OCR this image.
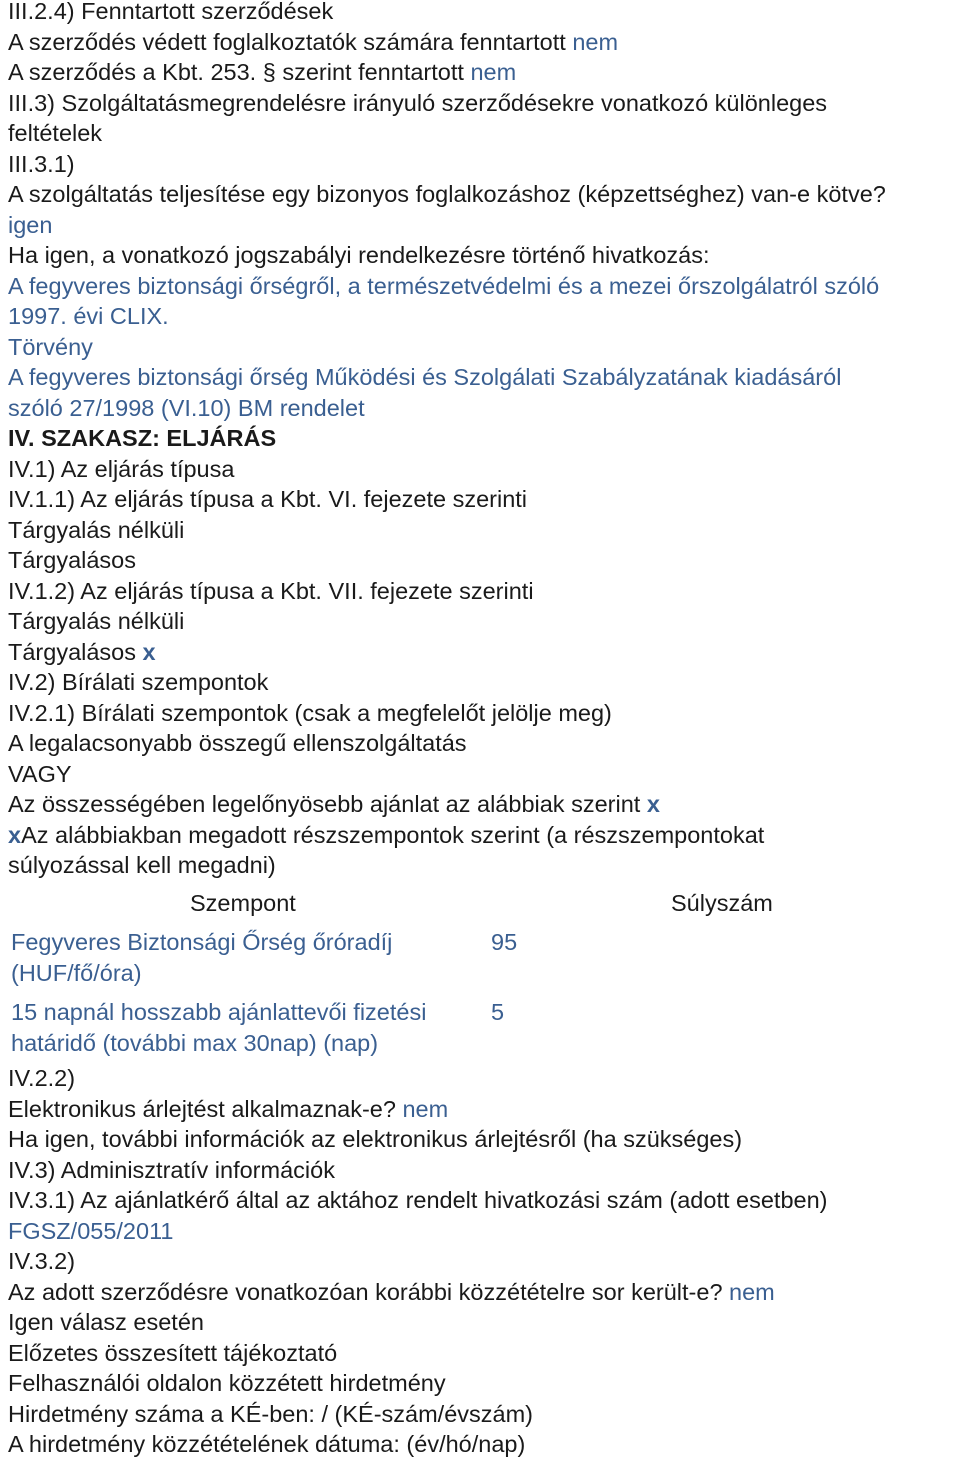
III.2.4) Fenntartott szerződések
A szerződés védett foglalkoztatók számára fenntartott nem
A szerződés a Kbt. 253. § szerint fenntartott nem
III.3) Szolgáltatásmegrendelésre irányuló szerződésekre vonatkozó különleges
feltételek
III.3.1)
A szolgáltatás teljesítése egy bizonyos foglalkozáshoz (képzettséghez) van-e kötve?
igen
Ha igen, a vonatkozó jogszabályi rendelkezésre történő hivatkozás:
A fegyveres biztonsági őrségről, a természetvédelmi és a mezei őrszolgálatról szóló
1997. évi CLIX.
Törvény
A fegyveres biztonsági őrség Működési és Szolgálati Szabályzatának kiadásáról
szóló 27/1998 (VI.10) BM rendelet
IV. SZAKASZ: ELJÁRÁS
IV.1) Az eljárás típusa
IV.1.1) Az eljárás típusa a Kbt. VI. fejezete szerinti
Tárgyalás nélküli
Tárgyalásos
IV.1.2) Az eljárás típusa a Kbt. VII. fejezete szerinti
Tárgyalás nélküli
Tárgyalásos x
IV.2) Bírálati szempontok
IV.2.1) Bírálati szempontok (csak a megfelelőt jelölje meg)
A legalacsonyabb összegű ellenszolgáltatás
VAGY
Az összességében legelőnyösebb ajánlat az alábbiak szerint x
xAz alábbiakban megadott részszempontok szerint (a részszempontokat
súlyozással kell megadni)
Szempont	Súlyszám
Fegyveres Biztonsági Őrség őróradíj (HUF/fő/óra)
95
15 napnál hosszabb ajánlattevői fizetési határidő (további max 30nap) (nap)
5
IV.2.2)
Elektronikus árlejtést alkalmaznak-e? nem
Ha igen, további információk az elektronikus árlejtésről (ha szükséges)
IV.3) Adminisztratív információk
IV.3.1) Az ajánlatkérő által az aktához rendelt hivatkozási szám (adott esetben)
FGSZ/055/2011
IV.3.2)
Az adott szerződésre vonatkozóan korábbi közzétételre sor került-e? nem
Igen válasz esetén
Előzetes összesített tájékoztató
Felhasználói oldalon közzétett hirdetmény
Hirdetmény száma a KÉ-ben: / (KÉ-szám/évszám)
A hirdetmény közzétételének dátuma: (év/hó/nap)
